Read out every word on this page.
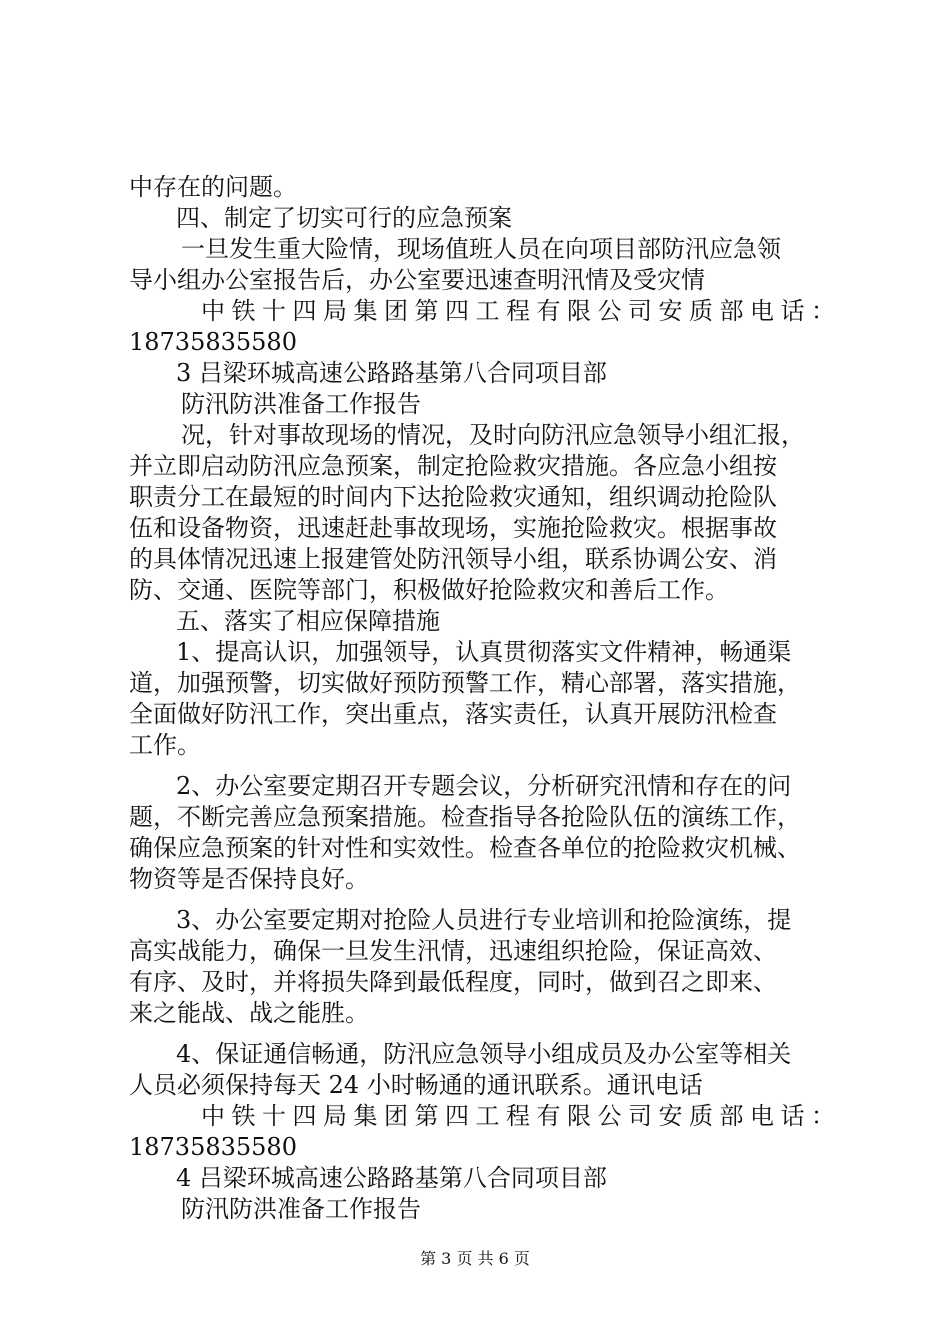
中存在的问题。
四、制定了切实可行的应急预案
一旦发生重大险情，现场值班人员在向项目部防汛应急领
导小组办公室报告后，办公室要迅速查明汛情及受灾情
中铁十四局集团第四工程有限公司安质部电话：
18735835580
3 吕梁环城高速公路路基第八合同项目部
防汛防洪准备工作报告
况，针对事故现场的情况，及时向防汛应急领导小组汇报，
并立即启动防汛应急预案，制定抢险救灾措施。各应急小组按
职责分工在最短的时间内下达抢险救灾通知，组织调动抢险队
伍和设备物资，迅速赶赴事故现场，实施抢险救灾。根据事故
的具体情况迅速上报建管处防汛领导小组，联系协调公安、消
防、交通、医院等部门，积极做好抢险救灾和善后工作。
五、落实了相应保障措施
1、提高认识，加强领导，认真贯彻落实文件精神，畅通渠
道，加强预警，切实做好预防预警工作，精心部署，落实措施，
全面做好防汛工作，突出重点，落实责任，认真开展防汛检查
工作。
2、办公室要定期召开专题会议，分析研究汛情和存在的问
题，不断完善应急预案措施。检查指导各抢险队伍的演练工作，
确保应急预案的针对性和实效性。检查各单位的抢险救灾机械、
物资等是否保持良好。
3、办公室要定期对抢险人员进行专业培训和抢险演练，提
高实战能力，确保一旦发生汛情，迅速组织抢险，保证高效、
有序、及时，并将损失降到最低程度，同时，做到召之即来、
来之能战、战之能胜。
4、保证通信畅通，防汛应急领导小组成员及办公室等相关
人员必须保持每天 24 小时畅通的通讯联系。通讯电话
中铁十四局集团第四工程有限公司安质部电话：
18735835580
4 吕梁环城高速公路路基第八合同项目部
防汛防洪准备工作报告
第 3 页 共 6 页
